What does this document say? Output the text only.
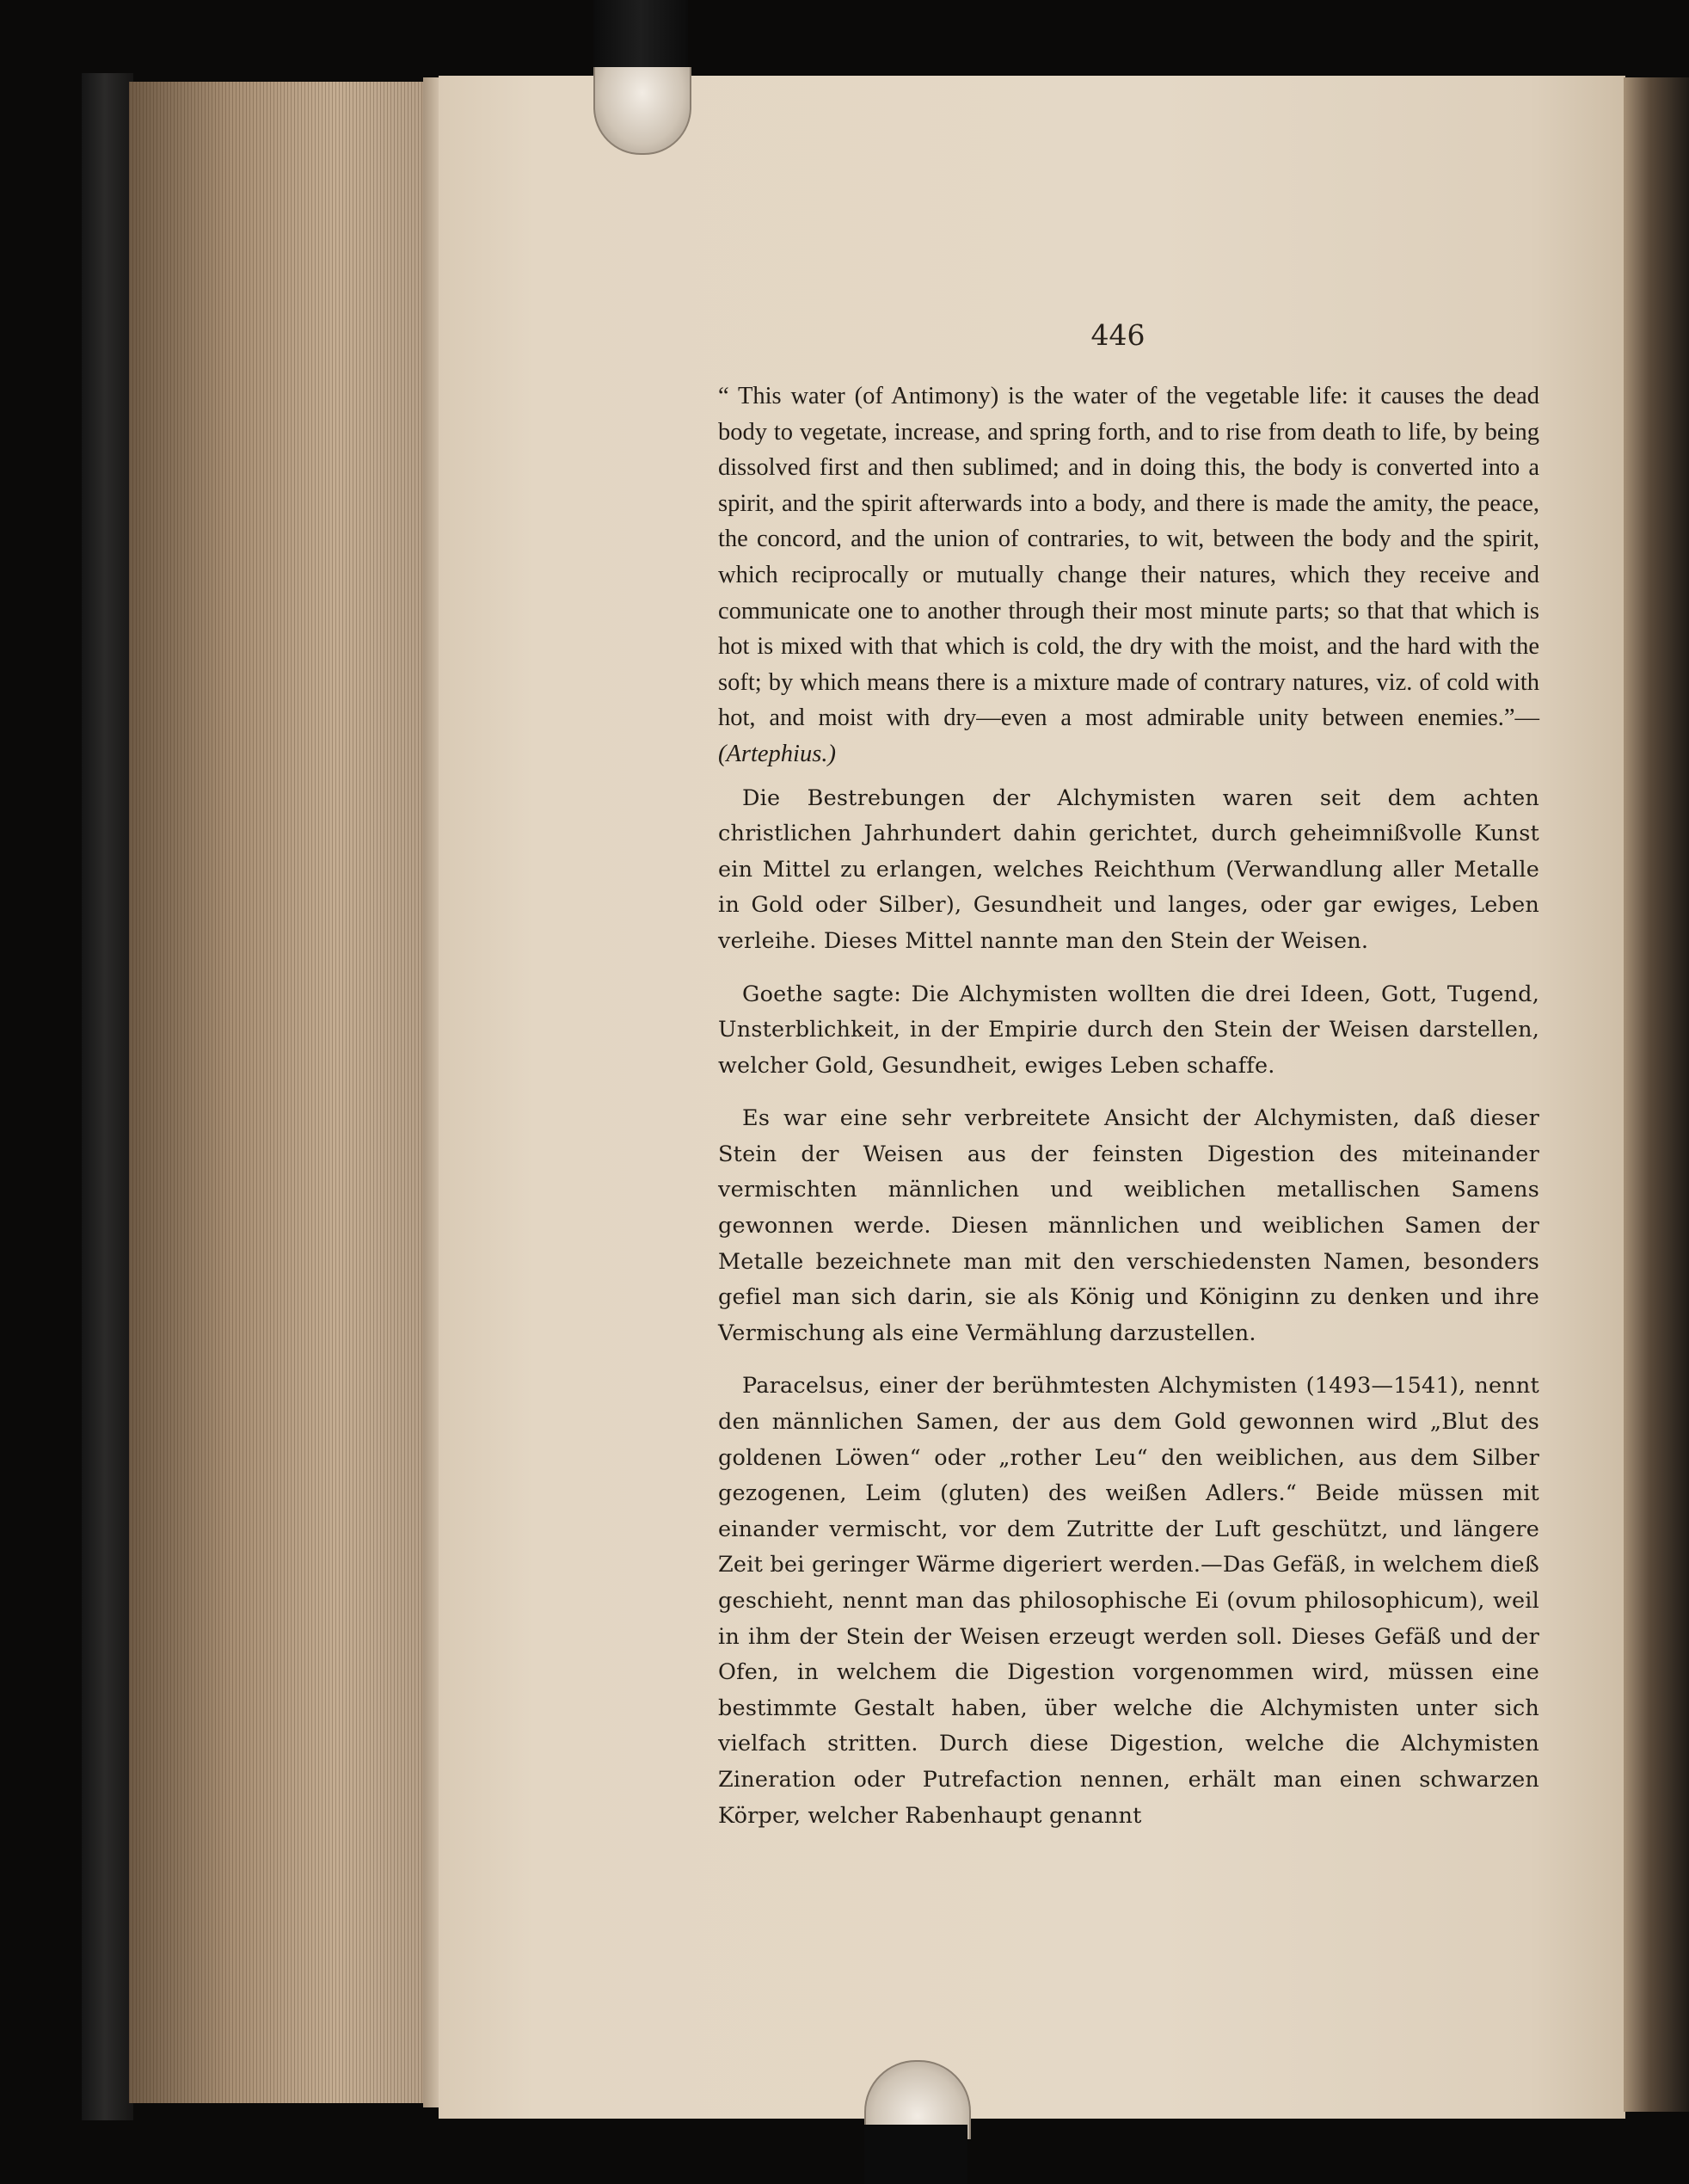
446

“ This water (of Antimony) is the water of the vegetable life: it causes the dead body to vegetate, increase, and spring forth, and to rise from death to life, by being dissolved first and then sublimed; and in doing this, the body is converted into a spirit, and the spirit afterwards into a body, and there is made the amity, the peace, the concord, and the union of contraries, to wit, between the body and the spirit, which reciprocally or mutually change their natures, which they receive and communicate one to another through their most minute parts; so that that which is hot is mixed with that which is cold, the dry with the moist, and the hard with the soft; by which means there is a mixture made of contrary natures, viz. of cold with hot, and moist with dry—even a most admirable unity between enemies.”—(Artephius.)

Die Bestrebungen der Alchymisten waren seit dem achten christlichen Jahrhundert dahin gerichtet, durch geheimnißvolle Kunst ein Mittel zu erlangen, welches Reichthum (Verwandlung aller Metalle in Gold oder Silber), Gesundheit und langes, oder gar ewiges, Leben verleihe. Dieses Mittel nannte man den Stein der Weisen.

Goethe sagte: Die Alchymisten wollten die drei Ideen, Gott, Tugend, Unsterblichkeit, in der Empirie durch den Stein der Weisen darstellen, welcher Gold, Gesundheit, ewiges Leben schaffe.

Es war eine sehr verbreitete Ansicht der Alchymisten, daß dieser Stein der Weisen aus der feinsten Digestion des miteinander vermischten männlichen und weiblichen metallischen Samens gewonnen werde. Diesen männlichen und weiblichen Samen der Metalle bezeichnete man mit den verschiedensten Namen, besonders gefiel man sich darin, sie als König und Königinn zu denken und ihre Vermischung als eine Vermählung darzustellen.

Paracelsus, einer der berühmtesten Alchymisten (1493—1541), nennt den männlichen Samen, der aus dem Gold gewonnen wird „Blut des goldenen Löwen“ oder „rother Leu“ den weiblichen, aus dem Silber gezogenen, Leim (gluten) des weißen Adlers.“ Beide müssen mit einander vermischt, vor dem Zutritte der Luft geschützt, und längere Zeit bei geringer Wärme digeriert werden.—Das Gefäß, in welchem dieß geschieht, nennt man das philosophische Ei (ovum philosophicum), weil in ihm der Stein der Weisen erzeugt werden soll. Dieses Gefäß und der Ofen, in welchem die Digestion vorgenommen wird, müssen eine bestimmte Gestalt haben, über welche die Alchymisten unter sich vielfach stritten. Durch diese Digestion, welche die Alchymisten Zineration oder Putrefaction nennen, erhält man einen schwarzen Körper, welcher Rabenhaupt genannt
